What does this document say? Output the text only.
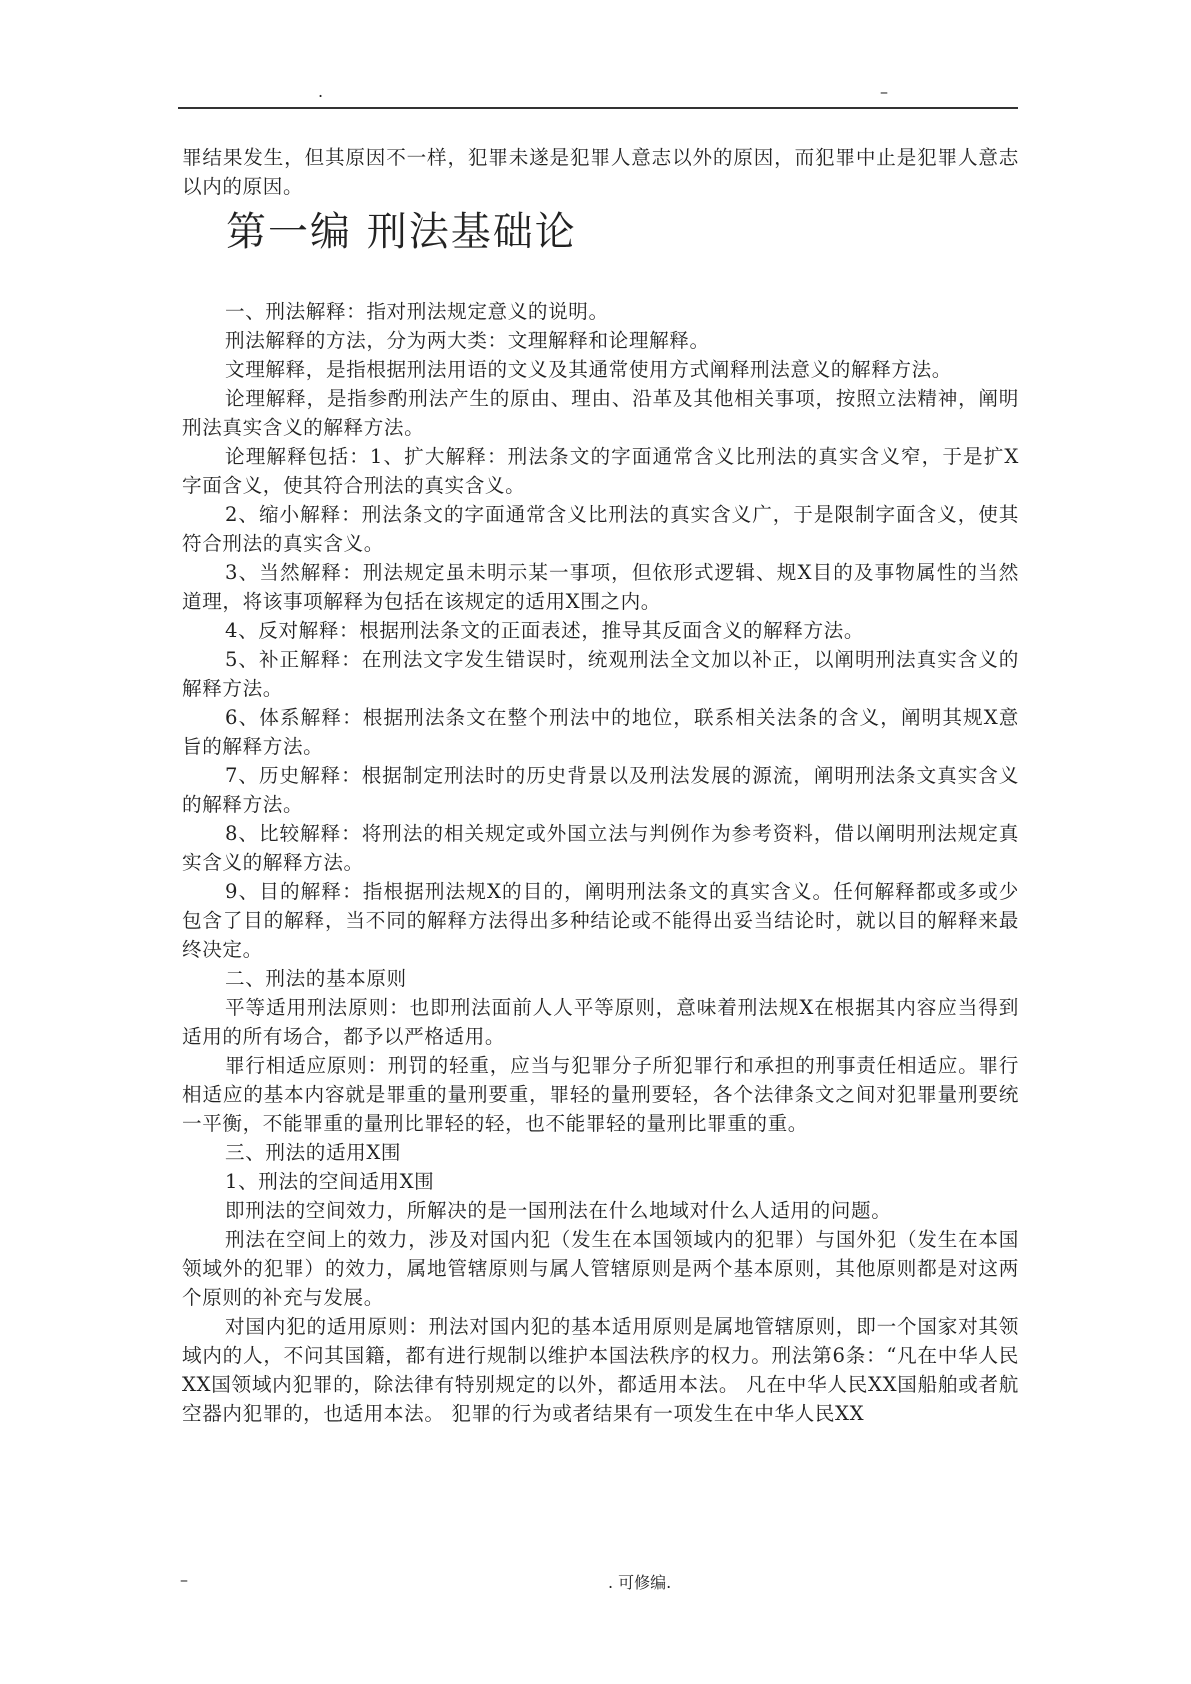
.	–

罪结果发生，但其原因不一样，犯罪未遂是犯罪人意志以外的原因，而犯罪中止是犯罪人意志以内的原因。

第一编 刑法基础论

一、刑法解释：指对刑法规定意义的说明。

刑法解释的方法，分为两大类：文理解释和论理解释。

文理解释，是指根据刑法用语的文义及其通常使用方式阐释刑法意义的解释方法。

论理解释，是指参酌刑法产生的原由、理由、沿革及其他相关事项，按照立法精神，阐明刑法真实含义的解释方法。

论理解释包括：1、扩大解释：刑法条文的字面通常含义比刑法的真实含义窄，于是扩X字面含义，使其符合刑法的真实含义。

2、缩小解释：刑法条文的字面通常含义比刑法的真实含义广，于是限制字面含义，使其符合刑法的真实含义。

3、当然解释：刑法规定虽未明示某一事项，但依形式逻辑、规X目的及事物属性的当然道理，将该事项解释为包括在该规定的适用X围之内。

4、反对解释：根据刑法条文的正面表述，推导其反面含义的解释方法。

5、补正解释：在刑法文字发生错误时，统观刑法全文加以补正，以阐明刑法真实含义的解释方法。

6、体系解释：根据刑法条文在整个刑法中的地位，联系相关法条的含义，阐明其规X意旨的解释方法。

7、历史解释：根据制定刑法时的历史背景以及刑法发展的源流，阐明刑法条文真实含义的解释方法。

8、比较解释：将刑法的相关规定或外国立法与判例作为参考资料，借以阐明刑法规定真实含义的解释方法。

9、目的解释：指根据刑法规X的目的，阐明刑法条文的真实含义。任何解释都或多或少包含了目的解释，当不同的解释方法得出多种结论或不能得出妥当结论时，就以目的解释来最终决定。

二、刑法的基本原则

平等适用刑法原则：也即刑法面前人人平等原则，意味着刑法规X在根据其内容应当得到适用的所有场合，都予以严格适用。

罪行相适应原则：刑罚的轻重，应当与犯罪分子所犯罪行和承担的刑事责任相适应。罪行相适应的基本内容就是罪重的量刑要重，罪轻的量刑要轻，各个法律条文之间对犯罪量刑要统一平衡，不能罪重的量刑比罪轻的轻，也不能罪轻的量刑比罪重的重。

三、刑法的适用X围

1、刑法的空间适用X围

即刑法的空间效力，所解决的是一国刑法在什么地域对什么人适用的问题。

刑法在空间上的效力，涉及对国内犯（发生在本国领域内的犯罪）与国外犯（发生在本国领域外的犯罪）的效力，属地管辖原则与属人管辖原则是两个基本原则，其他原则都是对这两个原则的补充与发展。

对国内犯的适用原则：刑法对国内犯的基本适用原则是属地管辖原则，即一个国家对其领域内的人，不问其国籍，都有进行规制以维护本国法秩序的权力。刑法第6条：“凡在中华人民XX国领域内犯罪的，除法律有特别规定的以外，都适用本法。 凡在中华人民XX国船舶或者航空器内犯罪的，也适用本法。 犯罪的行为或者结果有一项发生在中华人民XX

–	. 可修编.
